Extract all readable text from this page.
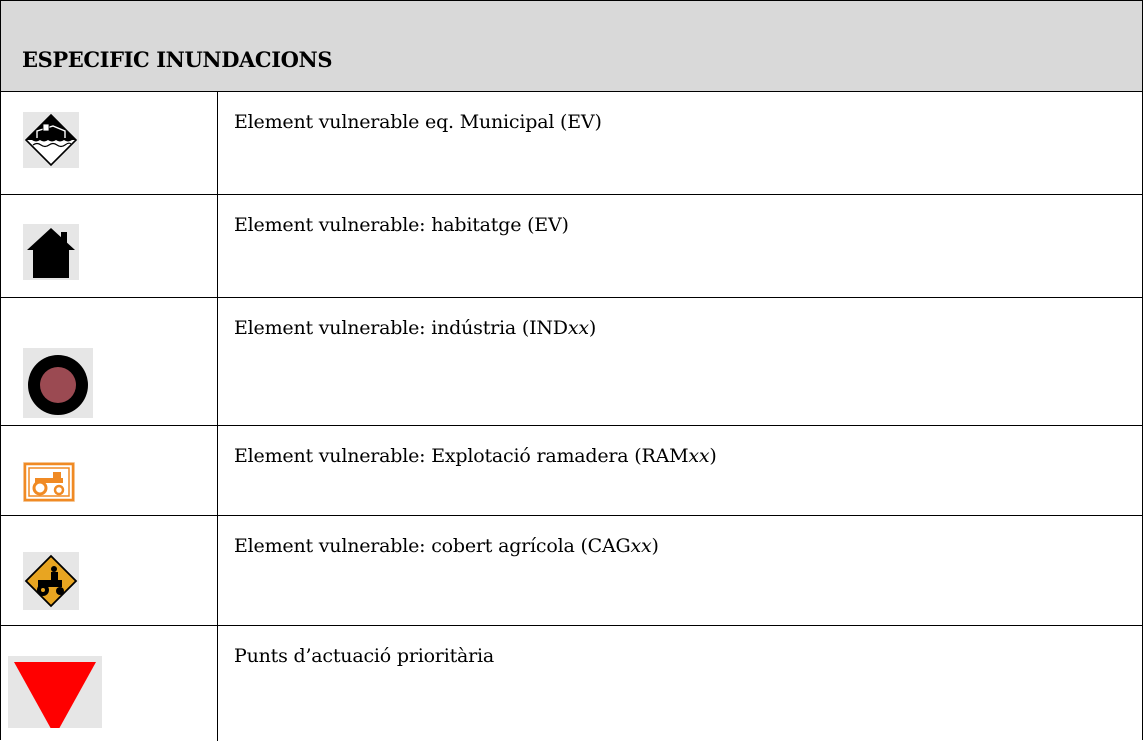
ESPECIFIC INUNDACIONS
Element vulnerable eq. Municipal (EV)
Element vulnerable: habitatge (EV)
Element vulnerable: indústria (INDxx)
Element vulnerable: Explotació ramadera (RAMxx)
Element vulnerable: cobert agrícola (CAGxx)
Punts d’actuació prioritària
